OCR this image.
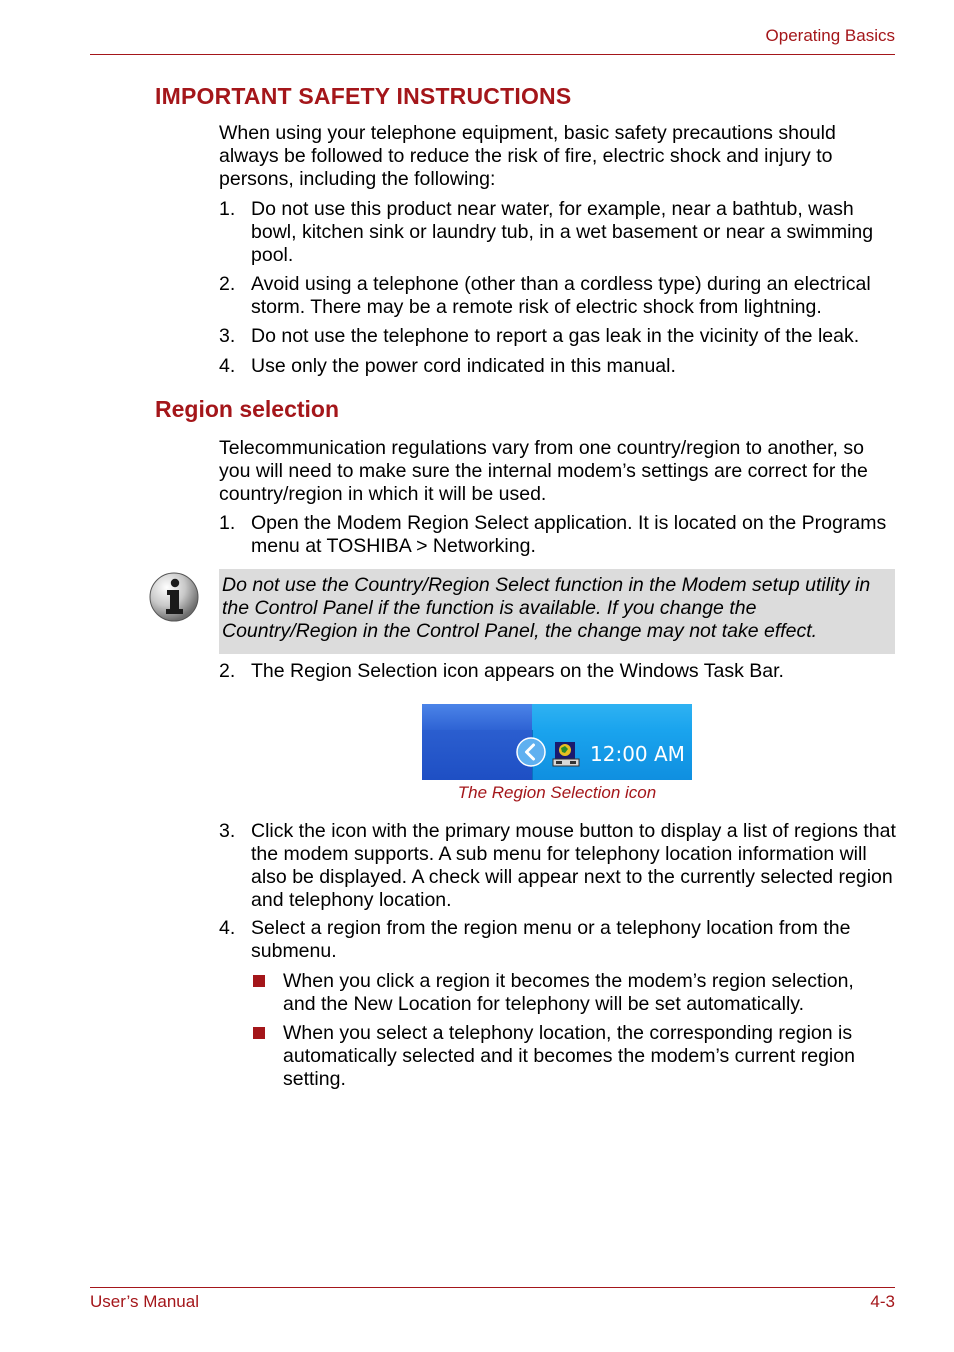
Operating Basics
IMPORTANT SAFETY INSTRUCTIONS
When using your telephone equipment, basic safety precautions should always be followed to reduce the risk of fire, electric shock and injury to persons, including the following:
1. Do not use this product near water, for example, near a bathtub, wash bowl, kitchen sink or laundry tub, in a wet basement or near a swimming pool.
2. Avoid using a telephone (other than a cordless type) during an electrical storm. There may be a remote risk of electric shock from lightning.
3. Do not use the telephone to report a gas leak in the vicinity of the leak.
4. Use only the power cord indicated in this manual.
Region selection
Telecommunication regulations vary from one country/region to another, so you will need to make sure the internal modem’s settings are correct for the country/region in which it will be used.
1. Open the Modem Region Select application. It is located on the Programs menu at TOSHIBA > Networking.
Do not use the Country/Region Select function in the Modem setup utility in the Control Panel if the function is available. If you change the Country/Region in the Control Panel, the change may not take effect.
2. The Region Selection icon appears on the Windows Task Bar.
12:00 AM
The Region Selection icon
3. Click the icon with the primary mouse button to display a list of regions that the modem supports. A sub menu for telephony location information will also be displayed. A check will appear next to the currently selected region and telephony location.
4. Select a region from the region menu or a telephony location from the submenu.
When you click a region it becomes the modem’s region selection, and the New Location for telephony will be set automatically.
When you select a telephony location, the corresponding region is automatically selected and it becomes the modem’s current region setting.
User’s Manual	4-3
